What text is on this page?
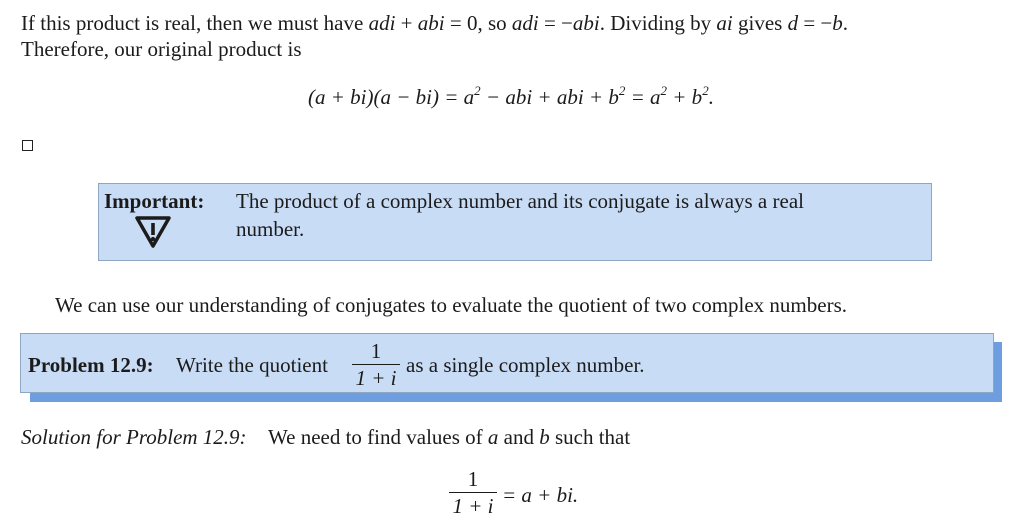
If this product is real, then we must have adi + abi = 0, so adi = −abi. Dividing by ai gives d = −b.
Therefore, our original product is
$(a + bi)(a - bi) = a^2$ − abi + abi + $b^2 = a^2 + b^2$.
Important: The product of a complex number and its conjugate is always a real
number.
We can use our understanding of conjugates to evaluate the quotient of two complex numbers.
Problem 12.9: Write the quotient
1
1 + i
as a single complex number.
Solution for Problem 12.9: We need to find values of a and b such that
1
1 + i = a + bi.
